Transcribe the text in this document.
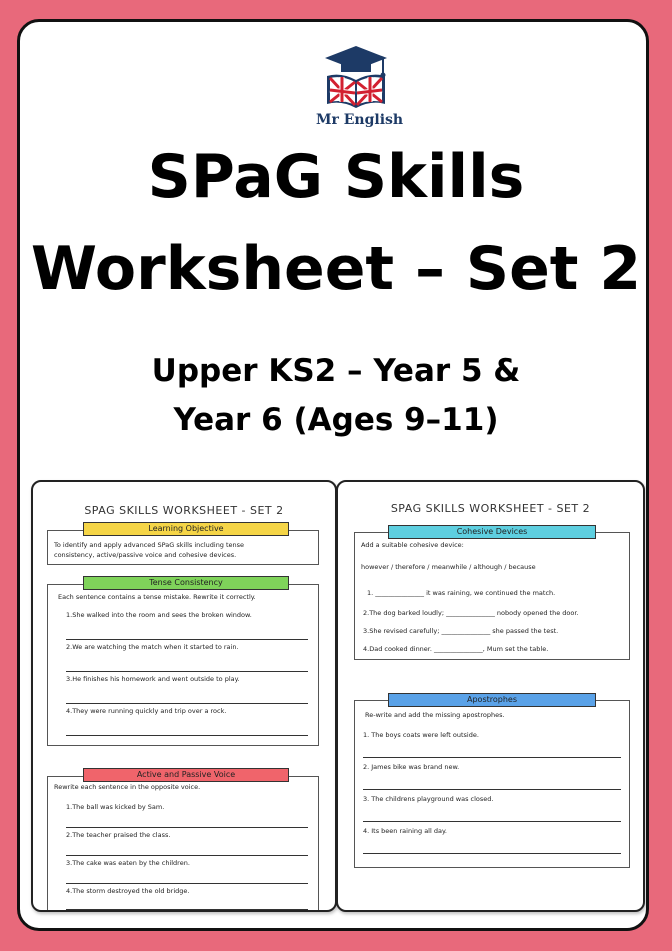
Mr English
SPaG Skills
Worksheet – Set 2
Upper KS2 – Year 5 &
Year 6 (Ages 9–11)
SPAG SKILLS WORKSHEET - SET 2
To identify and apply advanced SPaG skills including tense
consistency, active/passive voice and cohesive devices.
Learning Objective
Each sentence contains a tense mistake. Rewrite it correctly.
1.She walked into the room and sees the broken window.
2.We are watching the match when it started to rain.
3.He finishes his homework and went outside to play.
4.They were running quickly and trip over a rock.
Tense Consistency
Rewrite each sentence in the opposite voice.
1.The ball was kicked by Sam.
2.The teacher praised the class.
3.The cake was eaten by the children.
4.The storm destroyed the old bridge.
Active and Passive Voice
SPAG SKILLS WORKSHEET - SET 2
Add a suitable cohesive device:
however / therefore / meanwhile / although / because
1. _______________ it was raining, we continued the match.
2.The dog barked loudly; _______________ nobody opened the door.
3.She revised carefully; _______________ she passed the test.
4.Dad cooked dinner. _______________, Mum set the table.
Cohesive Devices
Re-write and add the missing apostrophes.
1. The boys coats were left outside.
2. James bike was brand new.
3. The childrens playground was closed.
4. Its been raining all day.
Apostrophes
